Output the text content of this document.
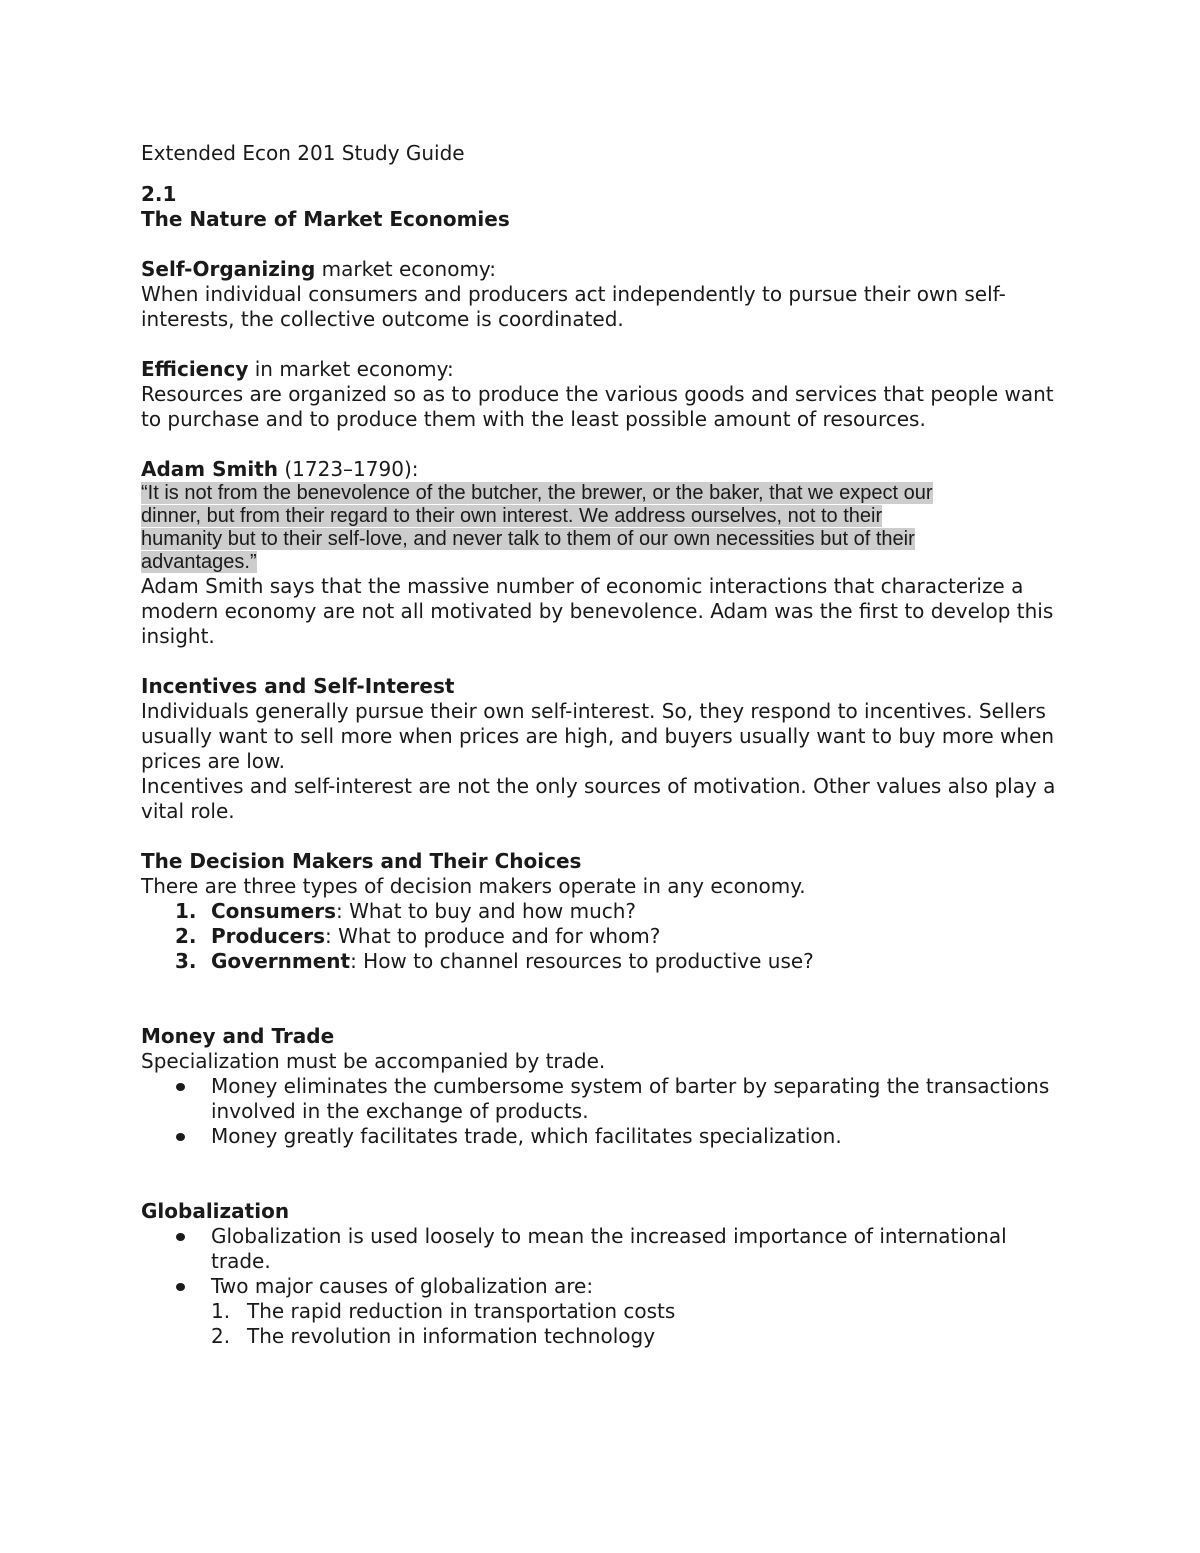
Extended Econ 201 Study Guide

2.1

The Nature of Market Economies

Self-Organizing market economy:

When individual consumers and producers act independently to pursue their own self-interests, the collective outcome is coordinated.

Efficiency in market economy:

Resources are organized so as to produce the various goods and services that people want to purchase and to produce them with the least possible amount of resources.

Adam Smith (1723–1790):

“It is not from the benevolence of the butcher, the brewer, or the baker, that we expect our
dinner, but from their regard to their own interest. We address ourselves, not to their
humanity but to their self-love, and never talk to them of our own necessities but of their
advantages.”

Adam Smith says that the massive number of economic interactions that characterize a modern economy are not all motivated by benevolence. Adam was the first to develop this insight.

Incentives and Self-Interest

Individuals generally pursue their own self-interest. So, they respond to incentives. Sellers usually want to sell more when prices are high, and buyers usually want to buy more when prices are low.

Incentives and self-interest are not the only sources of motivation. Other values also play a vital role.

The Decision Makers and Their Choices

There are three types of decision makers operate in any economy.

1. Consumers: What to buy and how much?
2. Producers: What to produce and for whom?
3. Government: How to channel resources to productive use?

Money and Trade

Specialization must be accompanied by trade.

Money eliminates the cumbersome system of barter by separating the transactions involved in the exchange of products.
Money greatly facilitates trade, which facilitates specialization.

Globalization

Globalization is used loosely to mean the increased importance of international trade.
Two major causes of globalization are:
1. The rapid reduction in transportation costs
2. The revolution in information technology
